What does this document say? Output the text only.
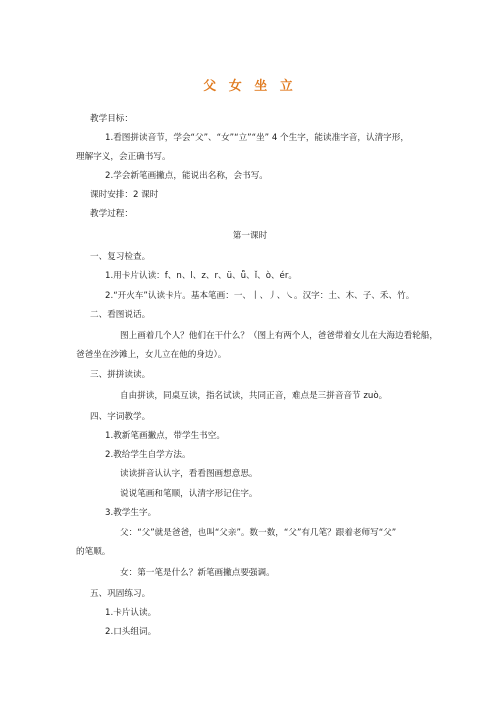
父 女 坐 立
教学目标：
1.看图拼读音节，学会“父”、“女”“立”“坐” 4 个生字，能读准字音，认清字形，
理解字义，会正确书写。
2.学会新笔画撇点，能说出名称，会书写。
课时安排：2 课时
教学过程：
第一课时
一、复习检查。
1.用卡片认读：f、n、l、z、r、ü、ǖ、ǐ、ò、ér。
2.“开火车”认读卡片。基本笔画：一、丨、丿、㇏。汉字：土、木、子、禾、竹。
二、看图说话。
图上画着几个人？他们在干什么？（图上有两个人，爸爸带着女儿在大海边看轮船，
爸爸坐在沙滩上，女儿立在他的身边）。
三、拼拼读读。
自由拼读，同桌互读，指名试读，共同正音，难点是三拼音音节 zuò。
四、字词教学。
1.教新笔画撇点，带学生书空。
2.教给学生自学方法。
读读拼音认认字，看看图画想意思。
说说笔画和笔顺，认清字形记住字。
3.教学生字。
父：“父”就是爸爸，也叫“父亲”。数一数，“父”有几笔？跟着老师写“父”
的笔顺。
女：第一笔是什么？新笔画撇点要强调。
五、巩固练习。
1.卡片认读。
2.口头组词。
